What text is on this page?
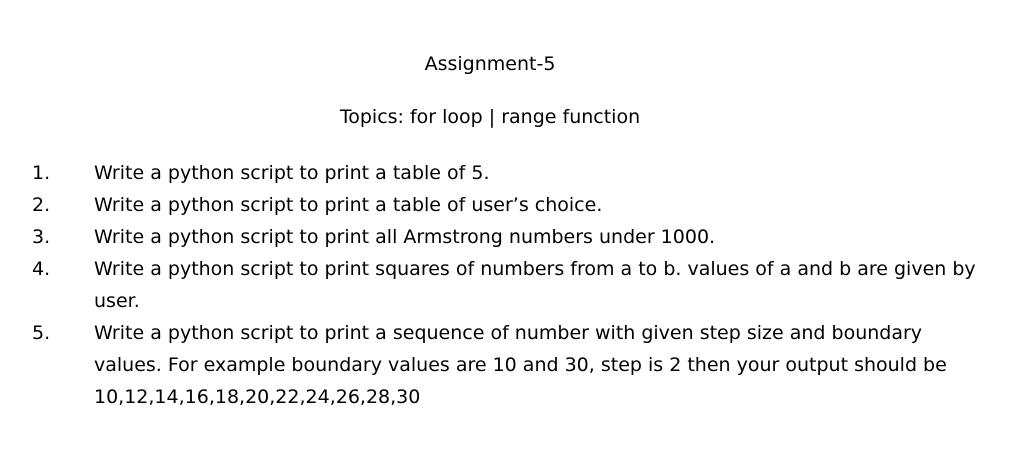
Assignment-5
Topics: for loop | range function
1.	Write a python script to print a table of 5.
2.	Write a python script to print a table of user’s choice.
3.	Write a python script to print all Armstrong numbers under 1000.
4.	Write a python script to print squares of numbers from a to b. values of a and b are given by user.
5.	Write a python script to print a sequence of number with given step size and boundary values. For example boundary values are 10 and 30, step is 2 then your output should be 10,12,14,16,18,20,22,24,26,28,30
